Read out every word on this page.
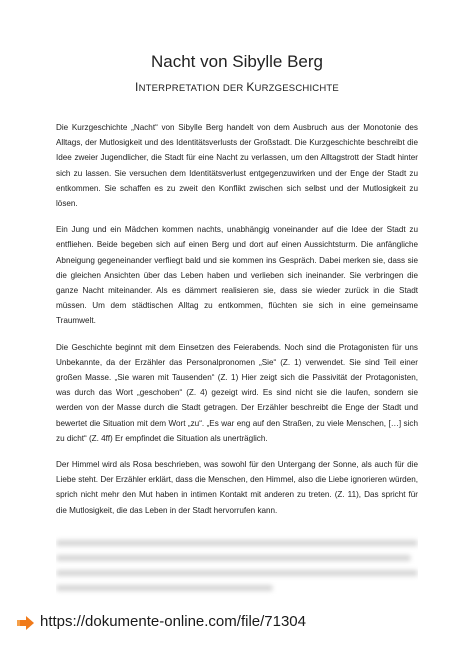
Nacht von Sibylle Berg
INTERPRETATION DER KURZGESCHICHTE

Die Kurzgeschichte „Nacht“ von Sibylle Berg handelt von dem Ausbruch aus der Monotonie des Alltags, der Mutlosigkeit und des Identitätsverlusts der Großstadt. Die Kurzgeschichte beschreibt die Idee zweier Jugendlicher, die Stadt für eine Nacht zu verlassen, um den Alltagstrott der Stadt hinter sich zu lassen. Sie versuchen dem Identitätsverlust entgegenzuwirken und der Enge der Stadt zu entkommen. Sie schaffen es zu zweit den Konflikt zwischen sich selbst und der Mutlosigkeit zu lösen.

Ein Jung und ein Mädchen kommen nachts, unabhängig voneinander auf die Idee der Stadt zu entfliehen. Beide begeben sich auf einen Berg und dort auf einen Aussichtsturm. Die anfängliche Abneigung gegeneinander verfliegt bald und sie kommen ins Gespräch. Dabei merken sie, dass sie die gleichen Ansichten über das Leben haben und verlieben sich ineinander. Sie verbringen die ganze Nacht miteinander. Als es dämmert realisieren sie, dass sie wieder zurück in die Stadt müssen. Um dem städtischen Alltag zu entkommen, flüchten sie sich in eine gemeinsame Traumwelt.

Die Geschichte beginnt mit dem Einsetzen des Feierabends. Noch sind die Protagonisten für uns Unbekannte, da der Erzähler das Personalpronomen „Sie“ (Z. 1) verwendet. Sie sind Teil einer großen Masse. „Sie waren mit Tausenden“ (Z. 1) Hier zeigt sich die Passivität der Protagonisten, was durch das Wort „geschoben“ (Z. 4) gezeigt wird. Es sind nicht sie die laufen, sondern sie werden von der Masse durch die Stadt getragen. Der Erzähler beschreibt die Enge der Stadt und bewertet die Situation mit dem Wort „zu“. „Es war eng auf den Straßen, zu viele Menschen, […] sich zu dicht“ (Z. 4ff) Er empfindet die Situation als unerträglich.

Der Himmel wird als Rosa beschrieben, was sowohl für den Untergang der Sonne, als auch für die Liebe steht. Der Erzähler erklärt, dass die Menschen, den Himmel, also die Liebe ignorieren würden, sprich nicht mehr den Mut haben in intimen Kontakt mit anderen zu treten. (Z. 11), Das spricht für die Mutlosigkeit, die das Leben in der Stadt hervorrufen kann.

https://dokumente-online.com/file/71304
